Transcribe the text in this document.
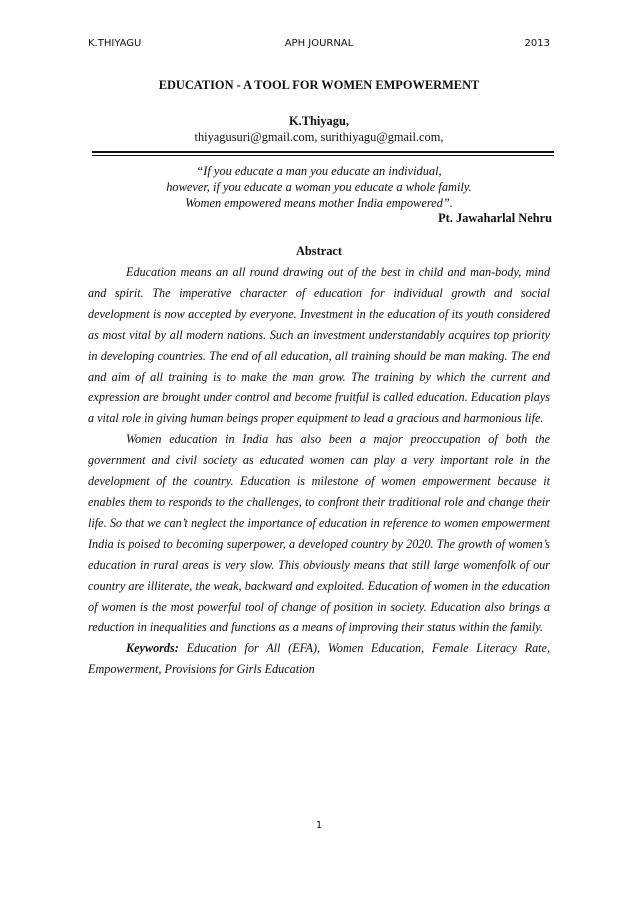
K.THIYAGU	APH JOURNAL	2013
EDUCATION - A TOOL FOR WOMEN EMPOWERMENT
K.Thiyagu,
thiyagusuri@gmail.com, surithiyagu@gmail.com,
“If you educate a man you educate an individual,
however, if you educate a woman you educate a whole family.
Women empowered means mother India empowered”.
Pt. Jawaharlal Nehru
Abstract

Education means an all round drawing out of the best in child and man-body, mind and spirit. The imperative character of education for individual growth and social development is now accepted by everyone. Investment in the education of its youth considered as most vital by all modern nations. Such an investment understandably acquires top priority in developing countries. The end of all education, all training should be man making. The end and aim of all training is to make the man grow. The training by which the current and expression are brought under control and become fruitful is called education. Education plays a vital role in giving human beings proper equipment to lead a gracious and harmonious life.

Women education in India has also been a major preoccupation of both the government and civil society as educated women can play a very important role in the development of the country. Education is milestone of women empowerment because it enables them to responds to the challenges, to confront their traditional role and change their life. So that we can’t neglect the importance of education in reference to women empowerment India is poised to becoming superpower, a developed country by 2020. The growth of women’s education in rural areas is very slow. This obviously means that still large womenfolk of our country are illiterate, the weak, backward and exploited. Education of women in the education of women is the most powerful tool of change of position in society. Education also brings a reduction in inequalities and functions as a means of improving their status within the family.

Keywords: Education for All (EFA), Women Education, Female Literacy Rate, Empowerment, Provisions for Girls Education

1
